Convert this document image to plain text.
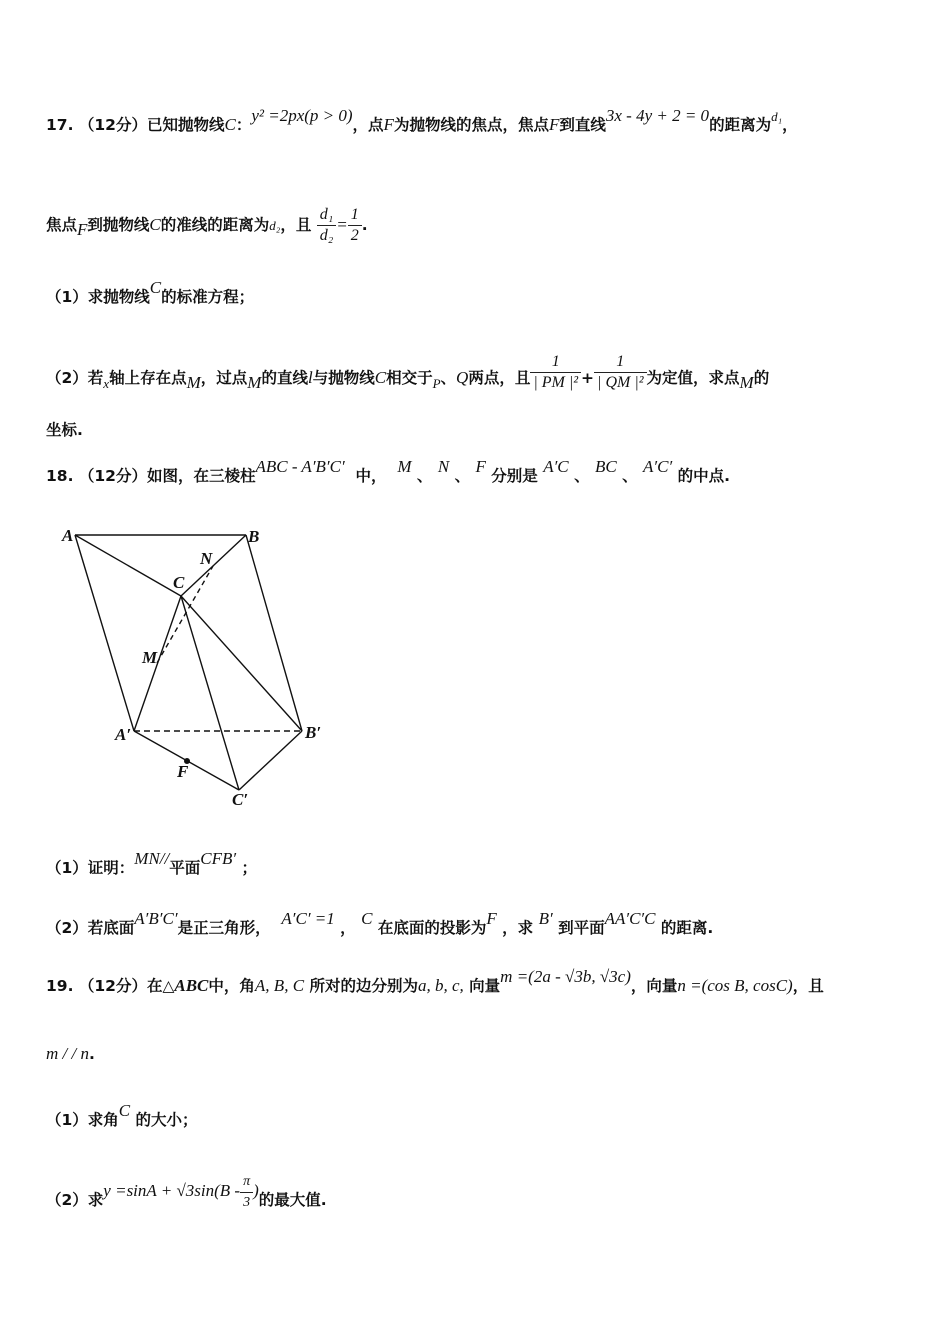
17. （12分）已知抛物线C：y² =2px(p > 0)，点F为抛物线的焦点，焦点F到直线3x - 4y + 2 = 0的距离为$^{d_1}$，
焦点F到抛物线C的准线的距离为d₂，且 $\frac{\text{d₁}}{\text{d₂}} = \frac{1}{2}$ .
（1）求抛物线C的标准方程；
（2）若$_x$轴上存在点M，过点M的直线l与抛物线C相交于$_P$、Q两点，且 $\frac{1}{\text{| PM |²}} + \frac{1}{\text{| QM |²}}$ 为定值，求点M的
坐标.
18. （12分）如图，在三棱柱ABC - A′B′C′ 中， M 、 N 、 F 分别是 A′C 、 BC 、 A′C′ 的中点.
A	B
N
C
M
A′	B′
F
C′
（1）证明：MN//平面CFB′ ；
（2）若底面A′B′C′是正三角形， A′C′ =1 ， C 在底面的投影为F ，求 B′ 到平面AA′C′C 的距离.
19. （12分）在△ABC中，角A, B, C 所对的边分别为a, b, c, 向量m =(2a - √3b, √3c)，向量n =(cos B, cosC)，且
m / / n.
（1）求角C 的大小；
（2）求$y =\sin A + √3\sin(B - \frac{\pi}{3}$ )的最大值.
